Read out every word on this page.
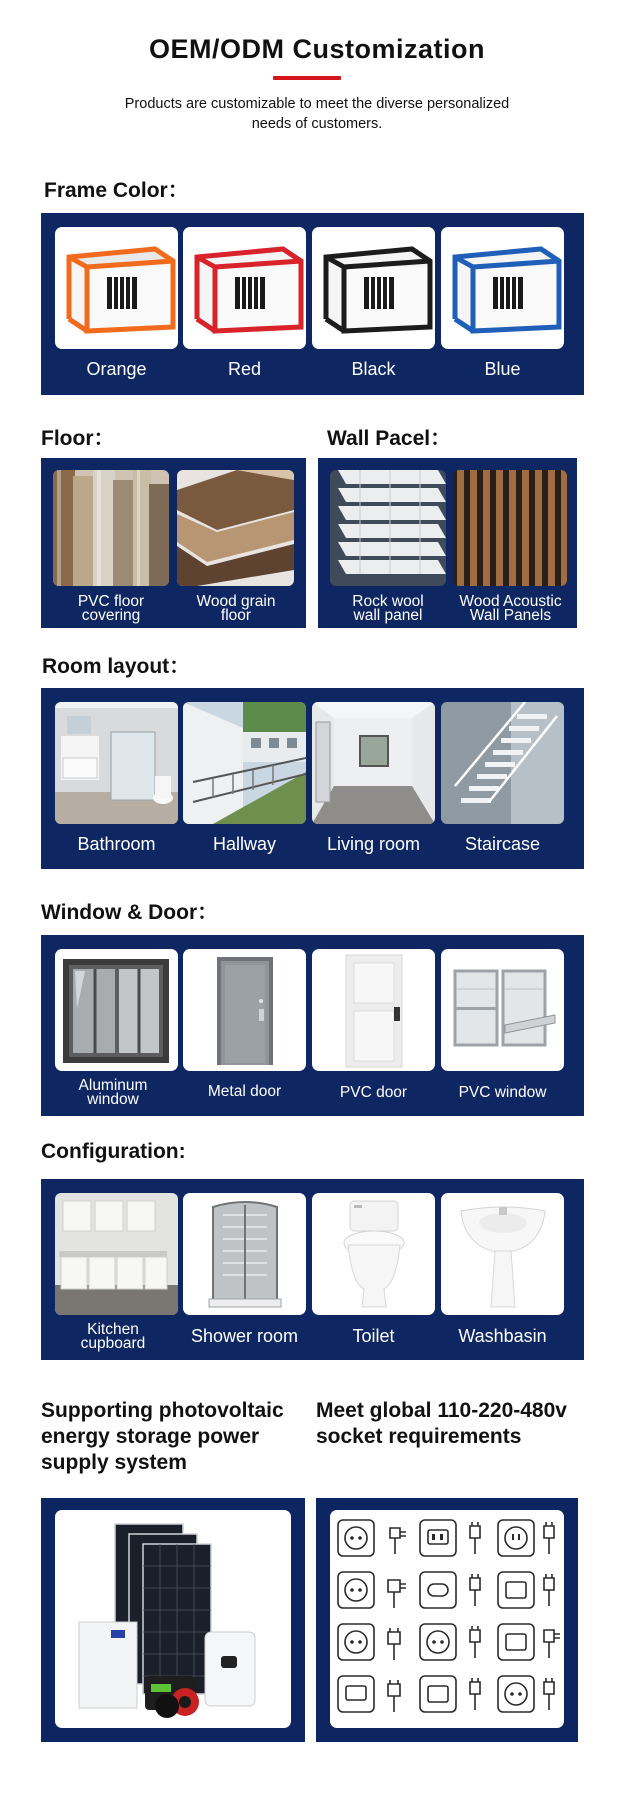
OEM/ODM Customization
Products are customizable to meet the diverse personalized
needs of customers.
Frame Color：
Orange	Red	Black	Blue
Floor：
PVC floor
covering
Wood grain
floor
Wall Pacel：
Rock wool
wall panel
Wood Acoustic
Wall Panels
Room layout：
Bathroom	Hallway	Living room	Staircase
Window & Door：
Aluminum
window	Metal door	PVC door	PVC window
Configuration:
Kitchen
cupboard	Shower room	Toilet	Washbasin
Supporting photovoltaic
energy storage power
supply system
Meet global 110-220-480v
socket requirements
